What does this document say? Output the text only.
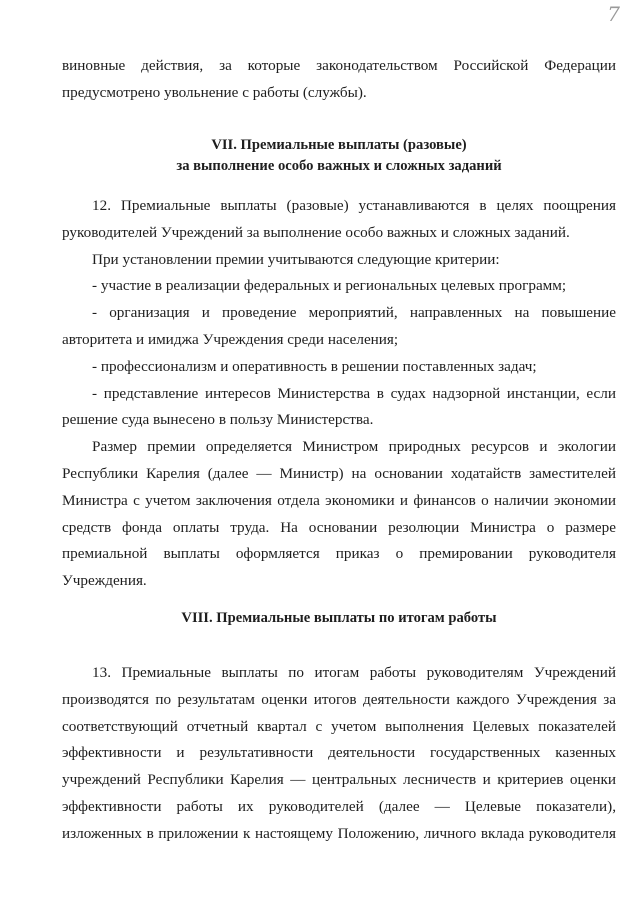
7
виновные действия, за которые законодательством Российской Федерации
предусмотрено увольнение с работы (службы).
VII. Премиальные выплаты (разовые)
за выполнение особо важных и сложных заданий
12. Премиальные выплаты (разовые) устанавливаются в целях поощрения
руководителей Учреждений за выполнение особо важных и сложных заданий.
При установлении премии учитываются следующие критерии:
- участие в реализации федеральных и региональных целевых программ;
- организация и проведение мероприятий, направленных на повышение
авторитета и имиджа Учреждения среди населения;
- профессионализм и оперативность в решении поставленных задач;
- представление интересов Министерства в судах надзорной инстанции, если
решение суда вынесено в пользу Министерства.
Размер премии определяется Министром природных ресурсов и экологии
Республики Карелия (далее — Министр) на основании ходатайств заместителей
Министра с учетом заключения отдела экономики и финансов о наличии экономии
средств фонда оплаты труда. На основании резолюции Министра о размере
премиальной выплаты оформляется приказ о премировании руководителя
Учреждения.
VIII. Премиальные выплаты по итогам работы
13. Премиальные выплаты по итогам работы руководителям Учреждений
производятся по результатам оценки итогов деятельности каждого Учреждения за
соответствующий отчетный квартал с учетом выполнения Целевых показателей
эффективности и результативности деятельности государственных казенных
учреждений Республики Карелия — центральных лесничеств и критериев оценки
эффективности работы их руководителей (далее — Целевые показатели),
изложенных в приложении к настоящему Положению, личного вклада руководителя
